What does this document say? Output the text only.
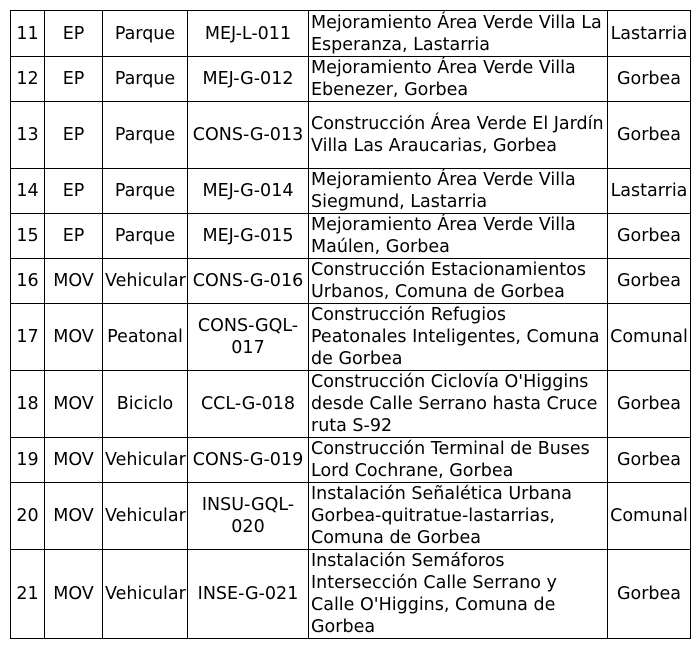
11	EP	Parque	MEJ-L-011	Mejoramiento Área Verde Villa La Esperanza, Lastarria	Lastarria
12	EP	Parque	MEJ-G-012	Mejoramiento Área Verde Villa Ebenezer, Gorbea	Gorbea
13	EP	Parque	CONS-G-013	Construcción Área Verde El Jardín Villa Las Araucarias, Gorbea	Gorbea
14	EP	Parque	MEJ-G-014	Mejoramiento Área Verde Villa Siegmund, Lastarria	Lastarria
15	EP	Parque	MEJ-G-015	Mejoramiento Área Verde Villa Maúlen, Gorbea	Gorbea
16	MOV	Vehicular	CONS-G-016	Construcción Estacionamientos Urbanos, Comuna de Gorbea	Gorbea
17	MOV	Peatonal	CONS-GQL-017	Construcción Refugios Peatonales Inteligentes, Comuna de Gorbea	Comunal
18	MOV	Biciclo	CCL-G-018	Construcción Ciclovía O'Higgins desde Calle Serrano hasta Cruce ruta S-92	Gorbea
19	MOV	Vehicular	CONS-G-019	Construcción Terminal de Buses Lord Cochrane, Gorbea	Gorbea
20	MOV	Vehicular	INSU-GQL-020	Instalación Señalética Urbana Gorbea-quitratue-lastarrias, Comuna de Gorbea	Comunal
21	MOV	Vehicular	INSE-G-021	Instalación Semáforos Intersección Calle Serrano y Calle O'Higgins, Comuna de Gorbea	Gorbea
